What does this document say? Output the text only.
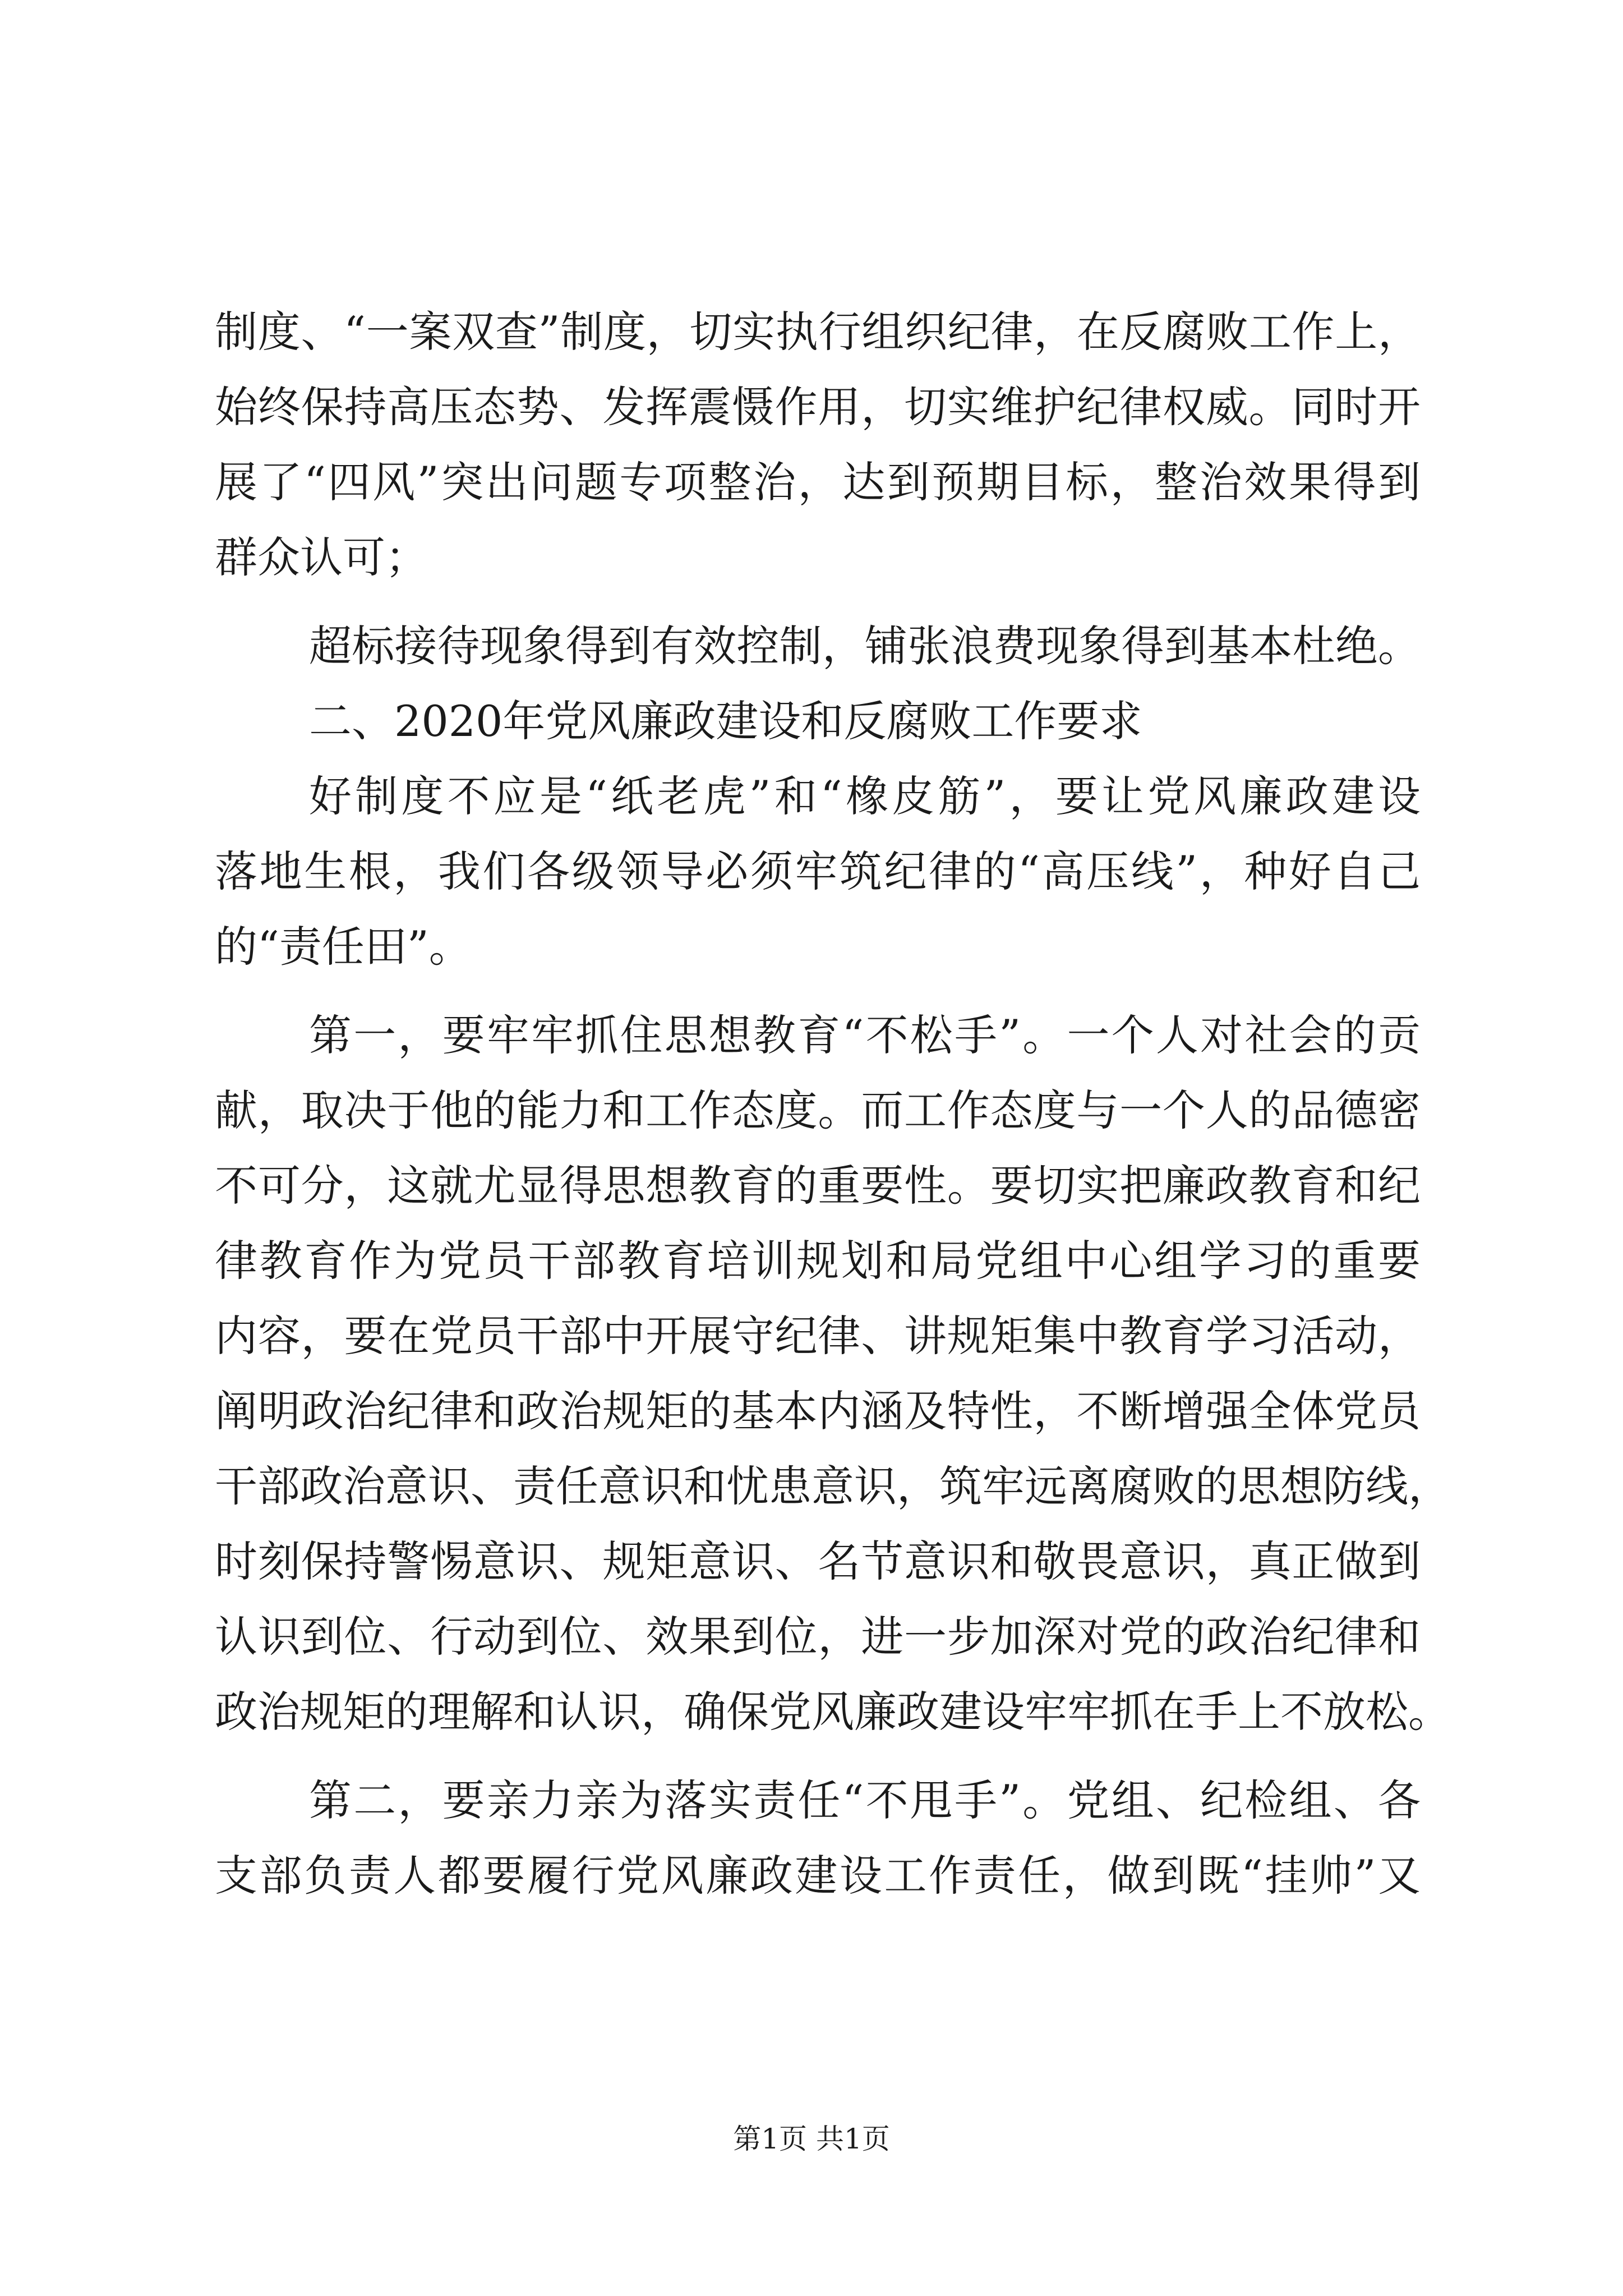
制度、“一案双查”制度，切实执行组织纪律，在反腐败工作上，
始终保持高压态势、发挥震慑作用，切实维护纪律权威。同时开
展了“四风”突出问题专项整治，达到预期目标，整治效果得到
群众认可；
超标接待现象得到有效控制，铺张浪费现象得到基本杜绝。
二、2020年党风廉政建设和反腐败工作要求
好制度不应是“纸老虎”和“橡皮筋”，要让党风廉政建设
落地生根，我们各级领导必须牢筑纪律的“高压线”，种好自己
的“责任田”。
第一，要牢牢抓住思想教育“不松手”。一个人对社会的贡
献，取决于他的能力和工作态度。而工作态度与一个人的品德密
不可分，这就尤显得思想教育的重要性。要切实把廉政教育和纪
律教育作为党员干部教育培训规划和局党组中心组学习的重要
内容，要在党员干部中开展守纪律、讲规矩集中教育学习活动，
阐明政治纪律和政治规矩的基本内涵及特性，不断增强全体党员
干部政治意识、责任意识和忧患意识，筑牢远离腐败的思想防线，
时刻保持警惕意识、规矩意识、名节意识和敬畏意识，真正做到
认识到位、行动到位、效果到位，进一步加深对党的政治纪律和
政治规矩的理解和认识，确保党风廉政建设牢牢抓在手上不放松。
第二，要亲力亲为落实责任“不甩手”。党组、纪检组、各
支部负责人都要履行党风廉政建设工作责任，做到既“挂帅”又
第1页 共1页
